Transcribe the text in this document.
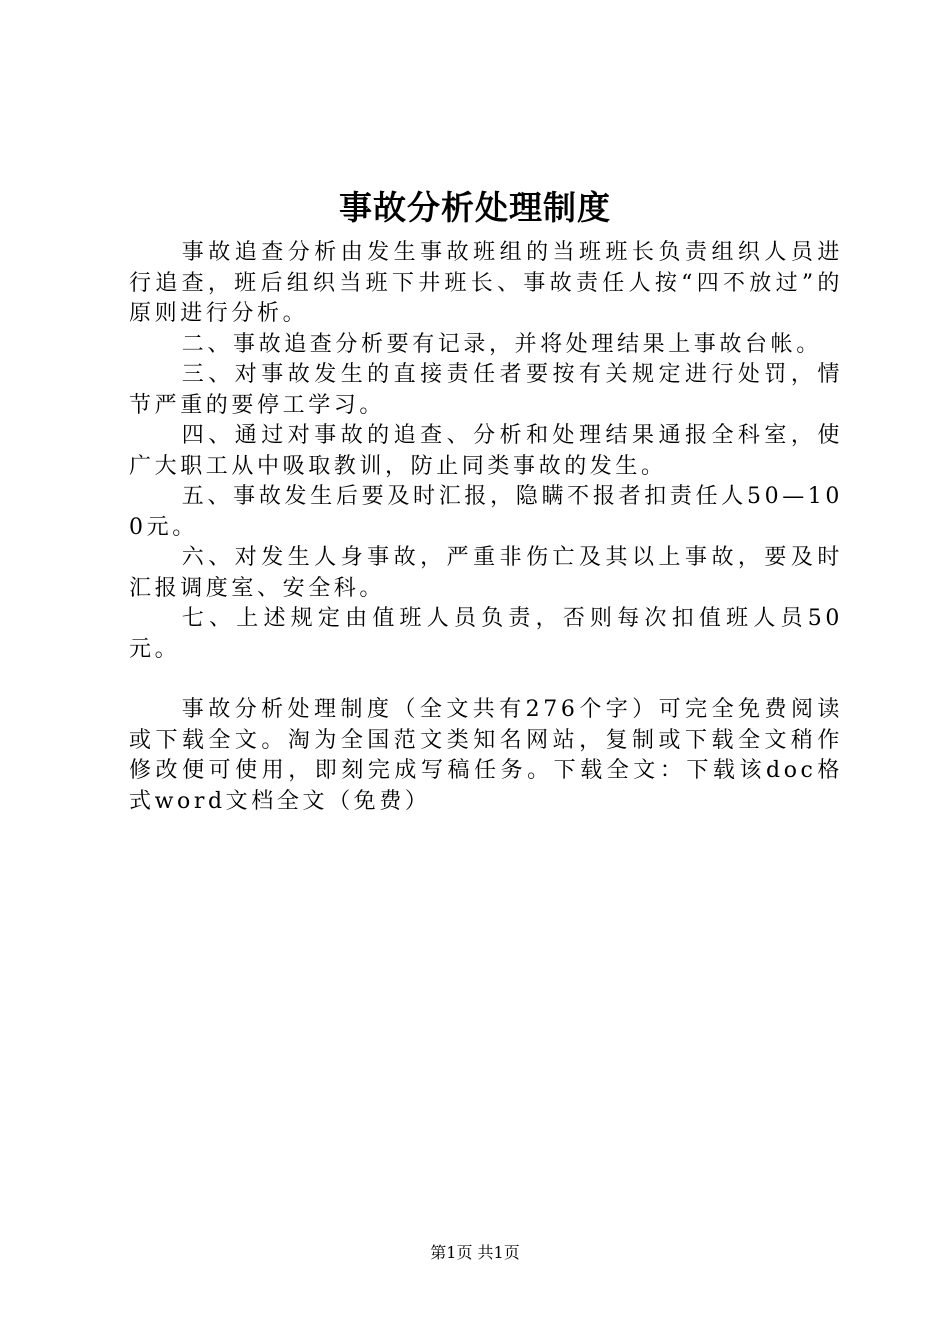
事故分析处理制度

事故追查分析由发生事故班组的当班班长负责组织人员进行追查，班后组织当班下井班长、事故责任人按“四不放过”的原则进行分析。

二、事故追查分析要有记录，并将处理结果上事故台帐。

三、对事故发生的直接责任者要按有关规定进行处罚，情节严重的要停工学习。

四、通过对事故的追查、分析和处理结果通报全科室，使广大职工从中吸取教训，防止同类事故的发生。

五、事故发生后要及时汇报，隐瞒不报者扣责任人50—100元。

六、对发生人身事故，严重非伤亡及其以上事故，要及时汇报调度室、安全科。

七、上述规定由值班人员负责，否则每次扣值班人员50元。

事故分析处理制度（全文共有276个字）可完全免费阅读或下载全文。淘为全国范文类知名网站，复制或下载全文稍作修改便可使用，即刻完成写稿任务。下载全文：下载该doc格式word文档全文（免费）

第1页 共1页
